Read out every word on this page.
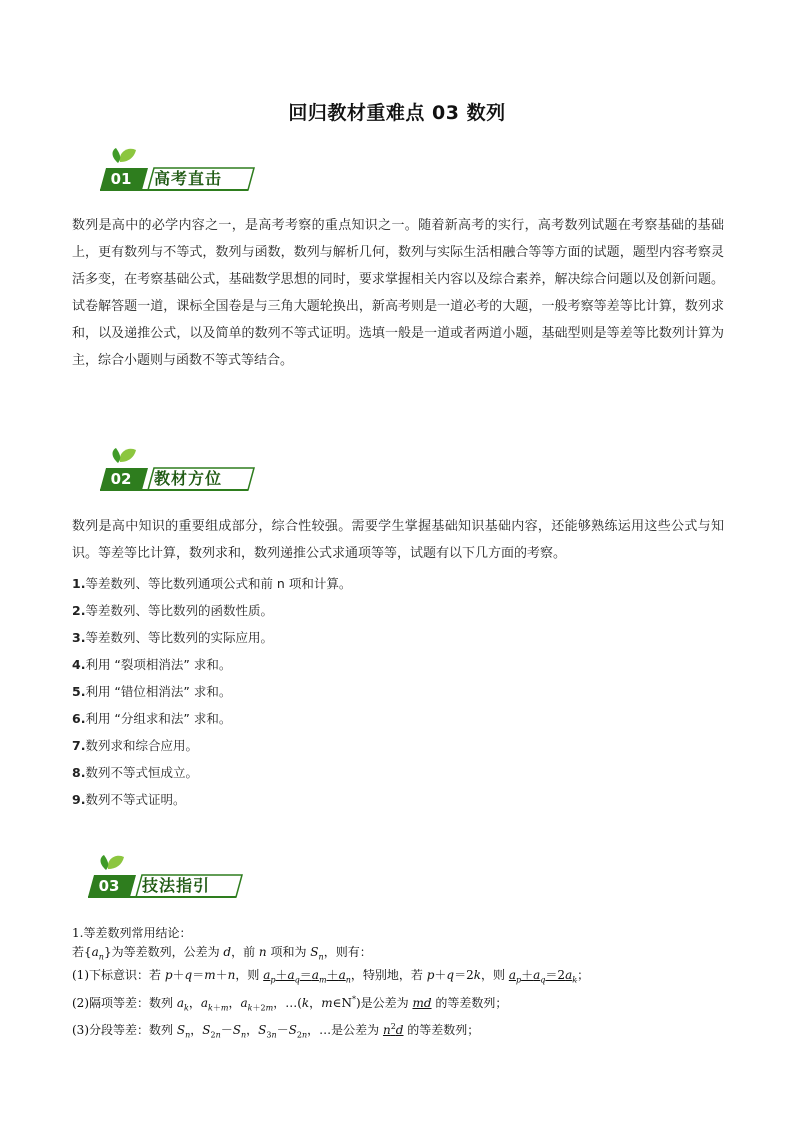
回归教材重难点 03 数列
01	高考直击
数列是高中的必学内容之一，是高考考察的重点知识之一。随着新高考的实行，高考数列试题在考察基础的基础上，更有数列与不等式，数列与函数，数列与解析几何，数列与实际生活相融合等等方面的试题，题型内容考察灵活多变，在考察基础公式，基础数学思想的同时，要求掌握相关内容以及综合素养，解决综合问题以及创新问题。试卷解答题一道，课标全国卷是与三角大题轮换出，新高考则是一道必考的大题，一般考察等差等比计算，数列求和，以及递推公式，以及简单的数列不等式证明。选填一般是一道或者两道小题，基础型则是等差等比数列计算为主，综合小题则与函数不等式等结合。
02	教材方位
数列是高中知识的重要组成部分，综合性较强。需要学生掌握基础知识基础内容，还能够熟练运用这些公式与知识。等差等比计算，数列求和，数列递推公式求通项等等，试题有以下几方面的考察。
1.等差数列、等比数列通项公式和前 n 项和计算。
2.等差数列、等比数列的函数性质。
3.等差数列、等比数列的实际应用。
4.利用 “裂项相消法” 求和。
5.利用 “错位相消法” 求和。
6.利用 “分组求和法” 求和。
7.数列求和综合应用。
8.数列不等式恒成立。
9.数列不等式证明。
03	技法指引
1.等差数列常用结论：
若$\{a_n\}$为等差数列，公差为 d，前 n 项和为 $S_n$，则有：
(1)下标意识：若 p＋q＝m＋n，则 $a_p+a_q=a_m+a_n$，特别地，若 p＋q＝2k，则 $a_p+a_q=2a_k$；
(2)隔项等差：数列 $a_k$，$a_{k+m}$，$a_{k+2m}$，…(k，m∈N*)是公差为 md 的等差数列；
(3)分段等差：数列 $S_n$，$S_{2n}-S_n$，$S_{3n}-S_{2n}$，…是公差为 $n^2d$ 的等差数列；
